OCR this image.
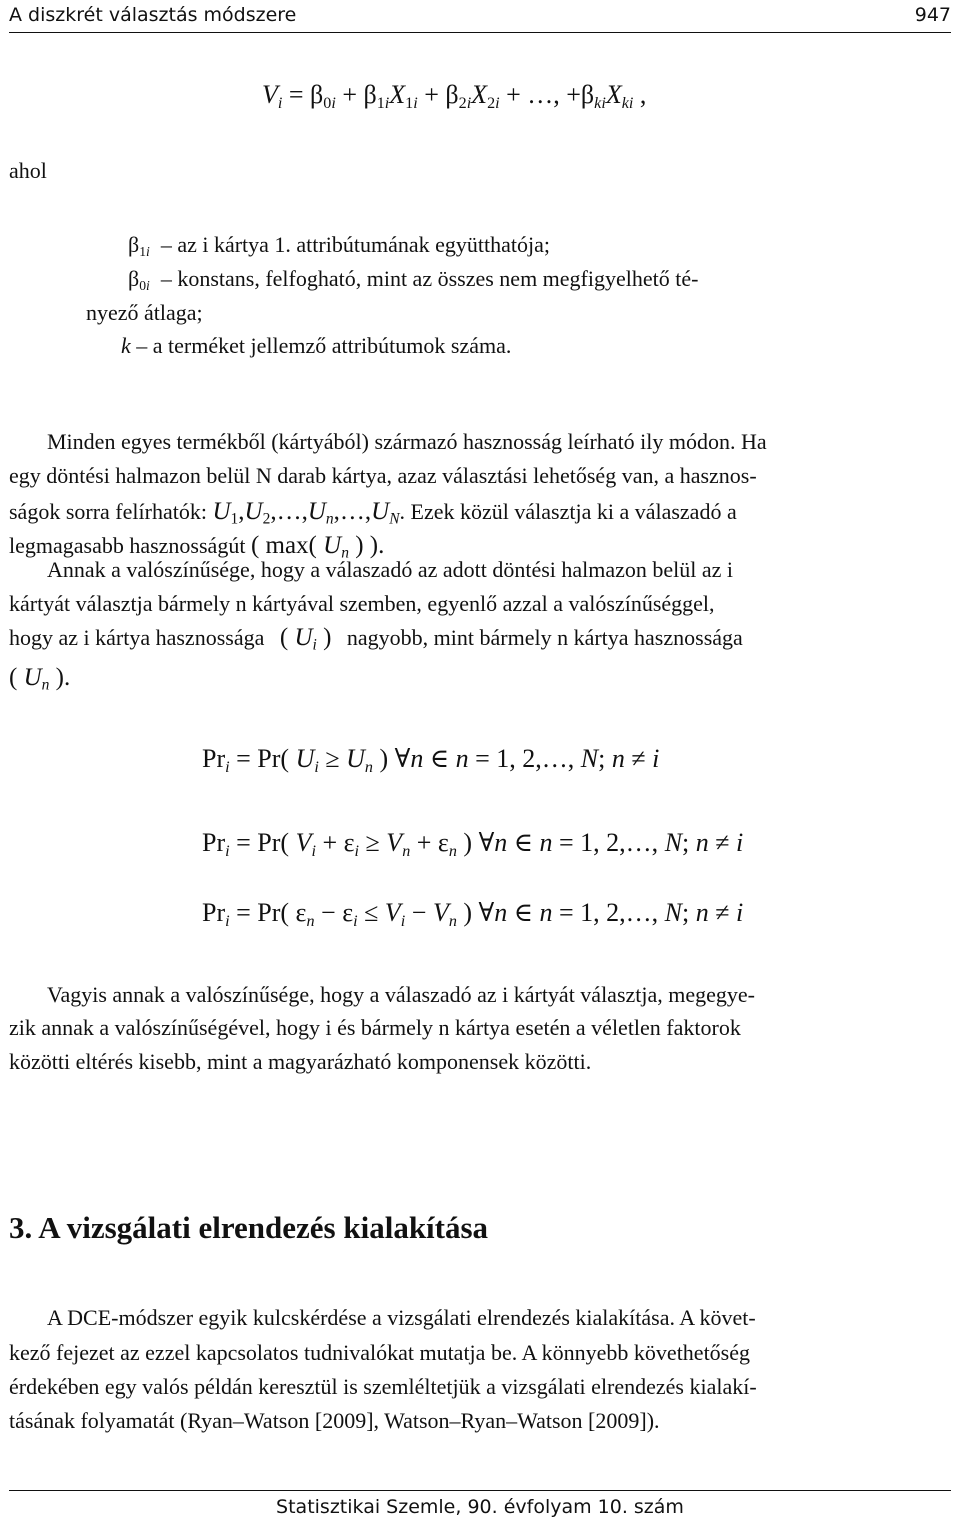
A diszkrét választás módszere	947
$V_i = \beta_{0i} + \beta_{1i}X_{1i} + \beta_{2i}X_{2i}$ + …, $+\beta_{ki}X_{ki}$ ,
ahol
$\beta_{1i}$  – az i kártya 1. attribútumának együtthatója;
$\beta_{0i}$  – konstans, felfogható, mint az összes nem megfigyelhető té-
nyező átlaga;
k – a terméket jellemző attribútumok száma.
Minden egyes termékből (kártyából) származó hasznosság leírható ily módon. Ha
egy döntési halmazon belül N darab kártya, azaz választási lehetőség van, a hasznos-
ságok sorra felírhatók: $U_1,U_2,\dots,U_n,\dots,U_N$. Ezek közül választja ki a válaszadó a
legmagasabb hasznosságút ( max( $U_n$ ) ).
Annak a valószínűsége, hogy a válaszadó az adott döntési halmazon belül az i
kártyát választja bármely n kártyával szemben, egyenlő azzal a valószínűséggel,
hogy az i kártya hasznossága ( $U_i$ ) nagyobb, mint bármely n kártya hasznossága
( $U_n$ ).
$Pr_i = Pr$( $U_i \ge U_n$ ) ∀n ∈ n = 1, 2,…, N; n ≠ i
$Pr_i = Pr$( $V_i + \varepsilon_i \ge V_n + \varepsilon_n$ ) ∀n ∈ n = 1, 2,…, N; n ≠ i
$Pr_i = Pr$( $\varepsilon_n - \varepsilon_i \le V_i - V_n$ ) ∀n ∈ n = 1, 2,…, N; n ≠ i
Vagyis annak a valószínűsége, hogy a válaszadó az i kártyát választja, megegye-
zik annak a valószínűségével, hogy i és bármely n kártya esetén a véletlen faktorok
közötti eltérés kisebb, mint a magyarázható komponensek közötti.
3. A vizsgálati elrendezés kialakítása
A DCE-módszer egyik kulcskérdése a vizsgálati elrendezés kialakítása. A követ-
kező fejezet az ezzel kapcsolatos tudnivalókat mutatja be. A könnyebb követhetőség
érdekében egy valós példán keresztül is szemléltetjük a vizsgálati elrendezés kialakí-
tásának folyamatát (Ryan–Watson [2009], Watson–Ryan–Watson [2009]).
Statisztikai Szemle, 90. évfolyam 10. szám
